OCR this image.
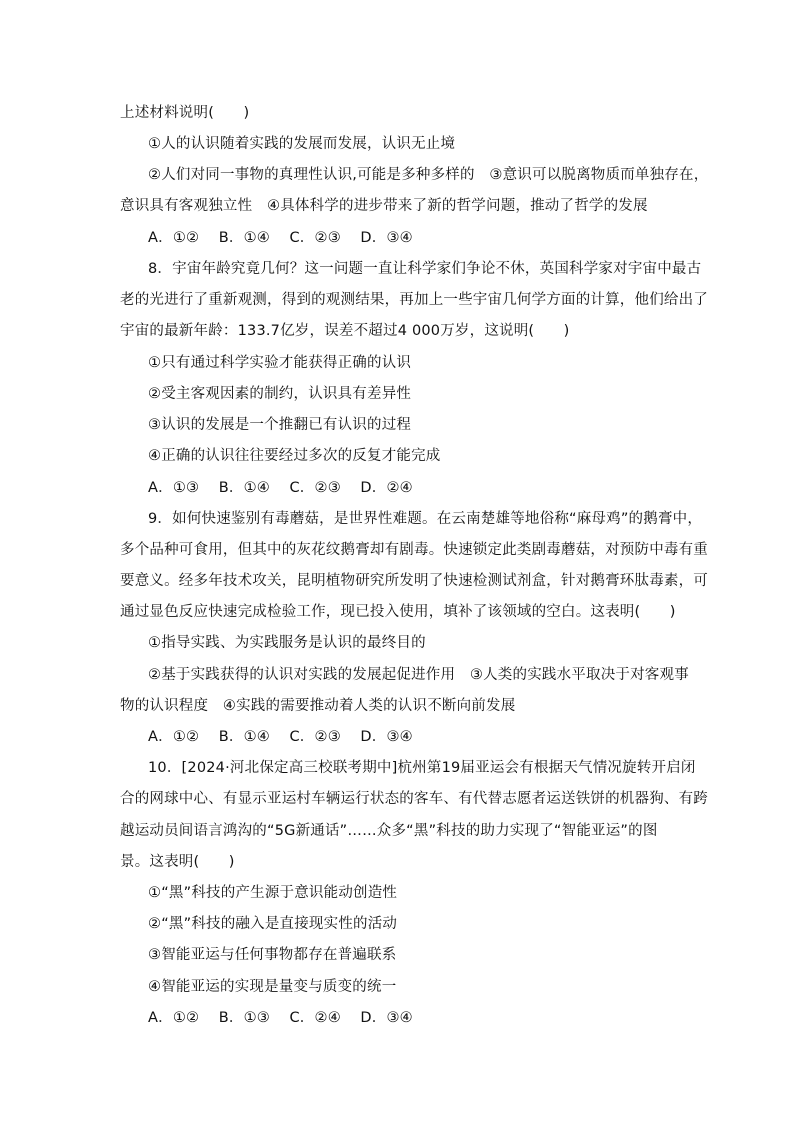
上述材料说明(　　)
①人的认识随着实践的发展而发展，认识无止境
②人们对同一事物的真理性认识,可能是多种多样的　③意识可以脱离物质而单独存在，
意识具有客观独立性　④具体科学的进步带来了新的哲学问题，推动了哲学的发展
A．①②　 B．①④　 C．②③　 D．③④
8．宇宙年龄究竟几何？这一问题一直让科学家们争论不休，英国科学家对宇宙中最古
老的光进行了重新观测，得到的观测结果，再加上一些宇宙几何学方面的计算，他们给出了
宇宙的最新年龄：133.7亿岁，误差不超过4 000万岁，这说明(　　)
①只有通过科学实验才能获得正确的认识
②受主客观因素的制约，认识具有差异性
③认识的发展是一个推翻已有认识的过程
④正确的认识往往要经过多次的反复才能完成
A．①③　 B．①④　 C．②③　 D．②④
9．如何快速鉴别有毒蘑菇，是世界性难题。在云南楚雄等地俗称“麻母鸡”的鹅膏中，
多个品种可食用，但其中的灰花纹鹅膏却有剧毒。快速锁定此类剧毒蘑菇，对预防中毒有重
要意义。经多年技术攻关，昆明植物研究所发明了快速检测试剂盒，针对鹅膏环肽毒素，可
通过显色反应快速完成检验工作，现已投入使用，填补了该领域的空白。这表明(　　)
①指导实践、为实践服务是认识的最终目的
②基于实践获得的认识对实践的发展起促进作用　③人类的实践水平取决于对客观事
物的认识程度　④实践的需要推动着人类的认识不断向前发展
A．①②　 B．①④　 C．②③　 D．③④
10．[2024·河北保定高三校联考期中]杭州第19届亚运会有根据天气情况旋转开启闭
合的网球中心、有显示亚运村车辆运行状态的客车、有代替志愿者运送铁饼的机器狗、有跨
越运动员间语言鸿沟的“5G新通话”……众多“黑”科技的助力实现了“智能亚运”的图
景。这表明(　　)
①“黑”科技的产生源于意识能动创造性
②“黑”科技的融入是直接现实性的活动
③智能亚运与任何事物都存在普遍联系
④智能亚运的实现是量变与质变的统一
A．①②　 B．①③　 C．②④　 D．③④
